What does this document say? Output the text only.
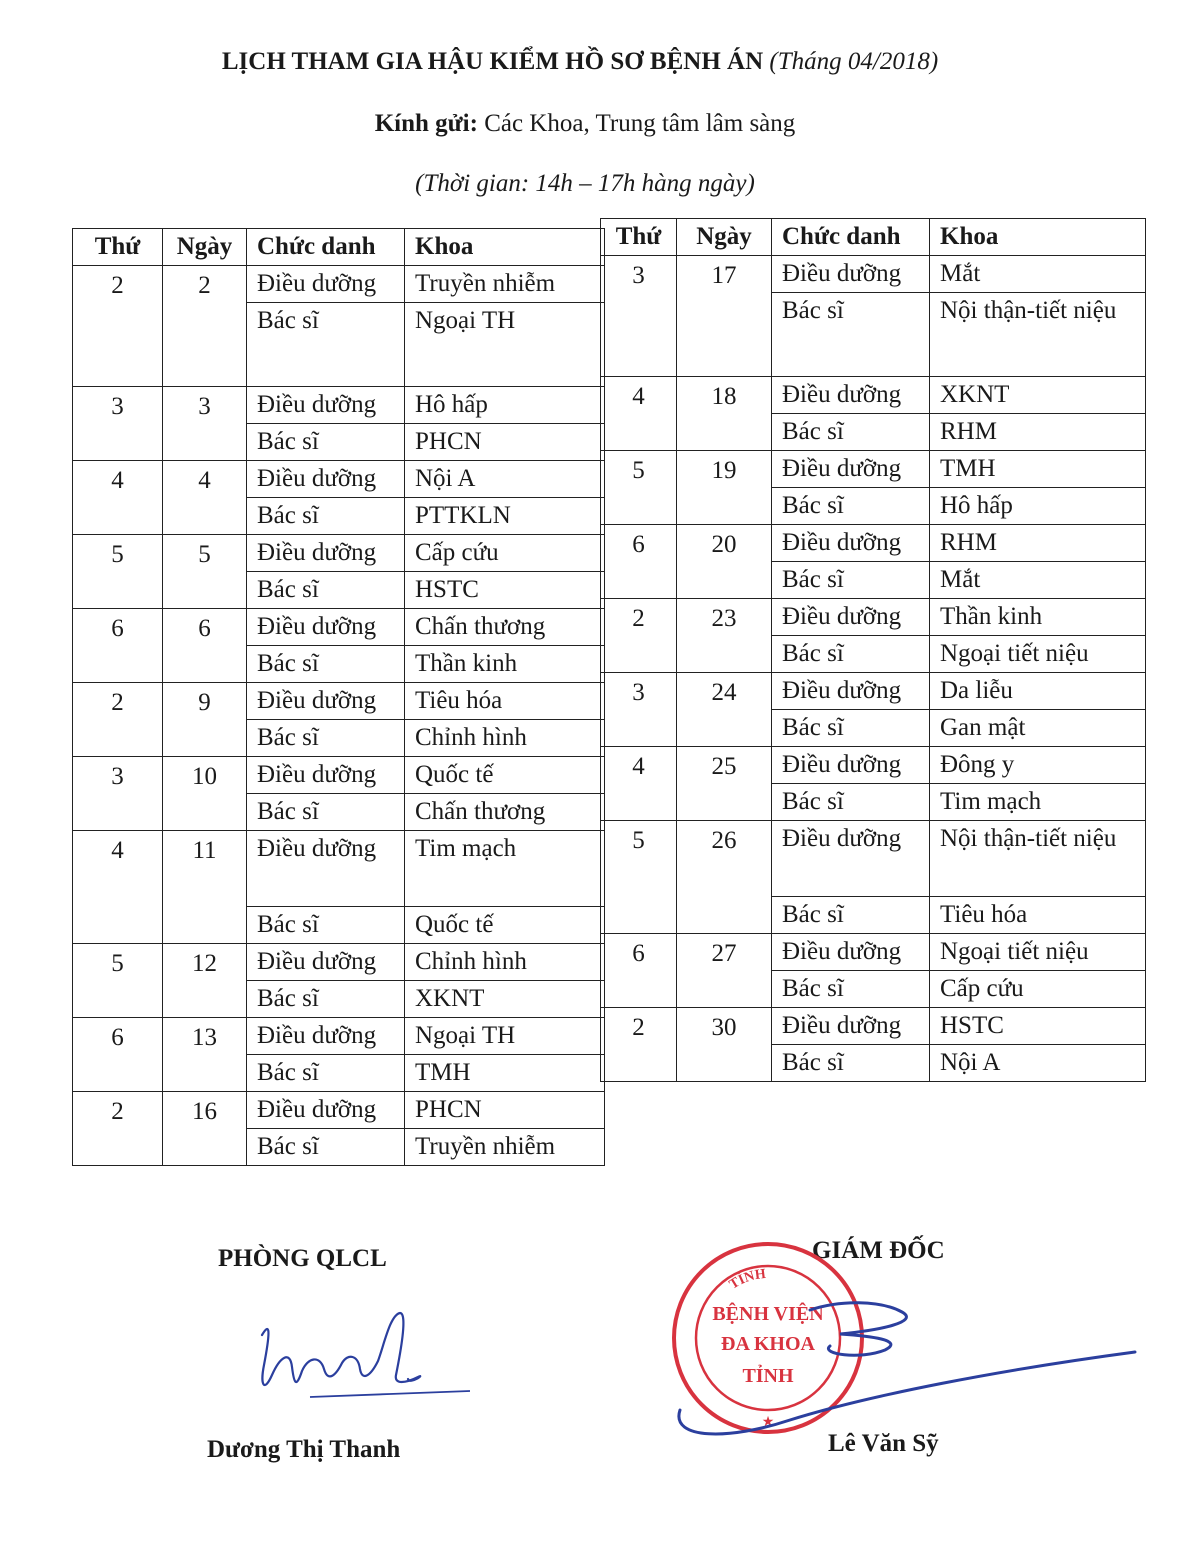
LỊCH THAM GIA HẬU KIỂM HỒ SƠ BỆNH ÁN (Tháng 04/2018)
Kính gửi: Các Khoa, Trung tâm lâm sàng
(Thời gian: 14h – 17h hàng ngày)
Thứ	Ngày	Chức danh	Khoa
2	2	Điều dưỡng	Truyền nhiễm
		Bác sĩ	Ngoại TH
3	3	Điều dưỡng	Hô hấp
		Bác sĩ	PHCN
4	4	Điều dưỡng	Nội A
		Bác sĩ	PTTKLN
5	5	Điều dưỡng	Cấp cứu
		Bác sĩ	HSTC
6	6	Điều dưỡng	Chấn thương
		Bác sĩ	Thần kinh
2	9	Điều dưỡng	Tiêu hóa
		Bác sĩ	Chỉnh hình
3	10	Điều dưỡng	Quốc tế
		Bác sĩ	Chấn thương
4	11	Điều dưỡng	Tim mạch
		Bác sĩ	Quốc tế
5	12	Điều dưỡng	Chỉnh hình
		Bác sĩ	XKNT
6	13	Điều dưỡng	Ngoại TH
		Bác sĩ	TMH
2	16	Điều dưỡng	PHCN
		Bác sĩ	Truyền nhiễm
Thứ	Ngày	Chức danh	Khoa
3	17	Điều dưỡng	Mắt
		Bác sĩ	Nội thận-tiết niệu
4	18	Điều dưỡng	XKNT
		Bác sĩ	RHM
5	19	Điều dưỡng	TMH
		Bác sĩ	Hô hấp
6	20	Điều dưỡng	RHM
		Bác sĩ	Mắt
2	23	Điều dưỡng	Thần kinh
		Bác sĩ	Ngoại tiết niệu
3	24	Điều dưỡng	Da liễu
		Bác sĩ	Gan mật
4	25	Điều dưỡng	Đông y
		Bác sĩ	Tim mạch
5	26	Điều dưỡng	Nội thận-tiết niệu
		Bác sĩ	Tiêu hóa
6	27	Điều dưỡng	Ngoại tiết niệu
		Bác sĩ	Cấp cứu
2	30	Điều dưỡng	HSTC
		Bác sĩ	Nội A
PHÒNG QLCL
Dương Thị Thanh
GIÁM ĐỐC
TỈNH
BỆNH VIỆN
ĐA KHOA
TỈNH
★
Lê Văn Sỹ
